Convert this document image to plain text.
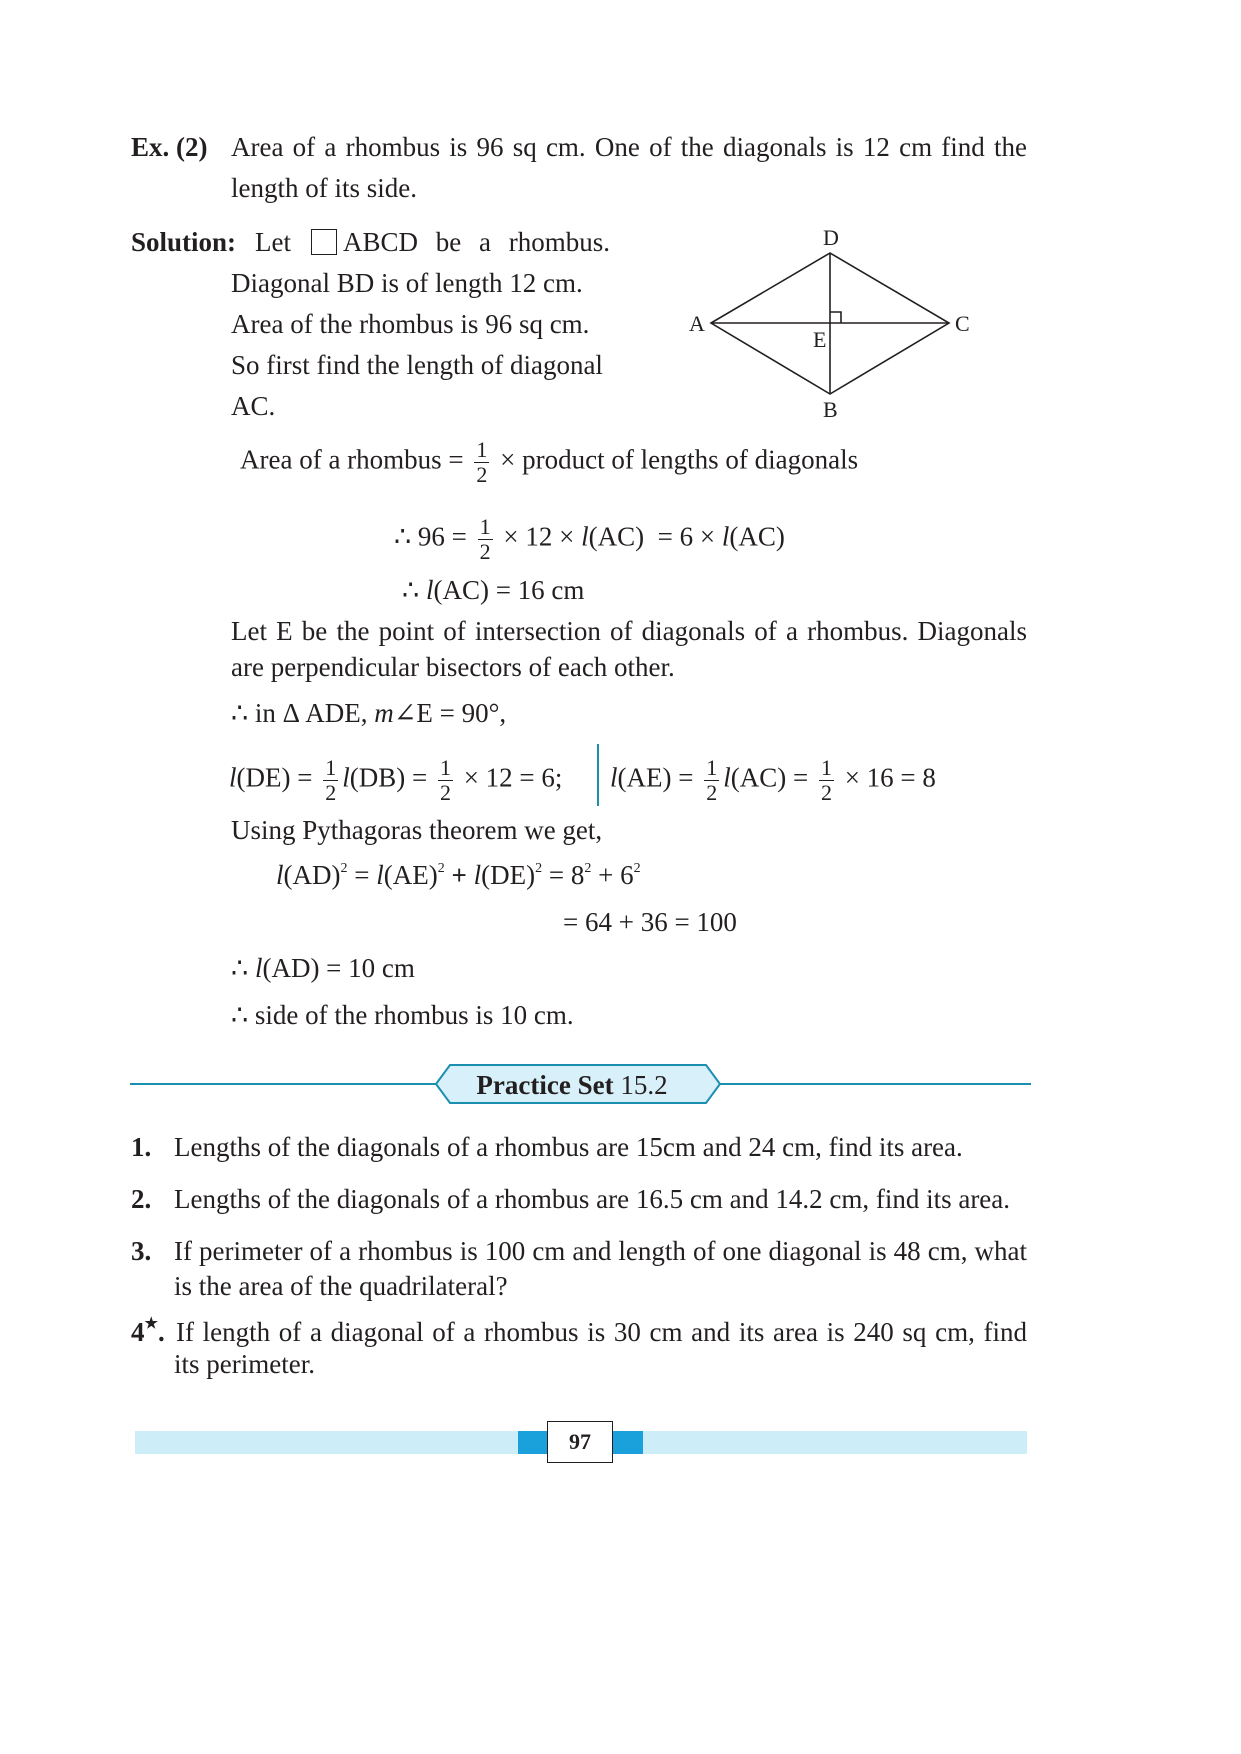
Ex. (2) Area of a rhombus is 96 sq cm. One of the diagonals is 12 cm find the
length of its side.
Solution: Let ABCD be a rhombus.
Diagonal BD is of length 12 cm.
Area of the rhombus is 96 sq cm.
So first find the length of diagonal
AC.
D
A	C
E
B
Area of a rhombus = $\frac{1}{2}$ × product of lengths of diagonals
∴ $96 = \frac{1}{2} \times 12 \times l(AC) = 6 \times l(AC)$
∴ l(AC) = 16 cm
Let E be the point of intersection of diagonals of a rhombus. Diagonals
are perpendicular bisectors of each other.
∴ in Δ ADE, m∠E = 90°,
$l(DE) = \frac{1}{2} l(DB) = \frac{1}{2} \times 12 = 6$; $l(AE) = \frac{1}{2} l(AC) = \frac{1}{2} \times 16 = 8$
Using Pythagoras theorem we get,
$l(AD)^2 = l(AE)^2 + l(DE)^2 = 8^2 + 6^2$
= 64 + 36 = 100
∴ l(AD) = 10 cm
∴ side of the rhombus is 10 cm.
Practice Set 15.2
1. Lengths of the diagonals of a rhombus are 15cm and 24 cm, find its area.
2. Lengths of the diagonals of a rhombus are 16.5 cm and 14.2 cm, find its area.
3. If perimeter of a rhombus is 100 cm and length of one diagonal is 48 cm, what
is the area of the quadrilateral?
4★. If length of a diagonal of a rhombus is 30 cm and its area is 240 sq cm, find
its perimeter.
97
